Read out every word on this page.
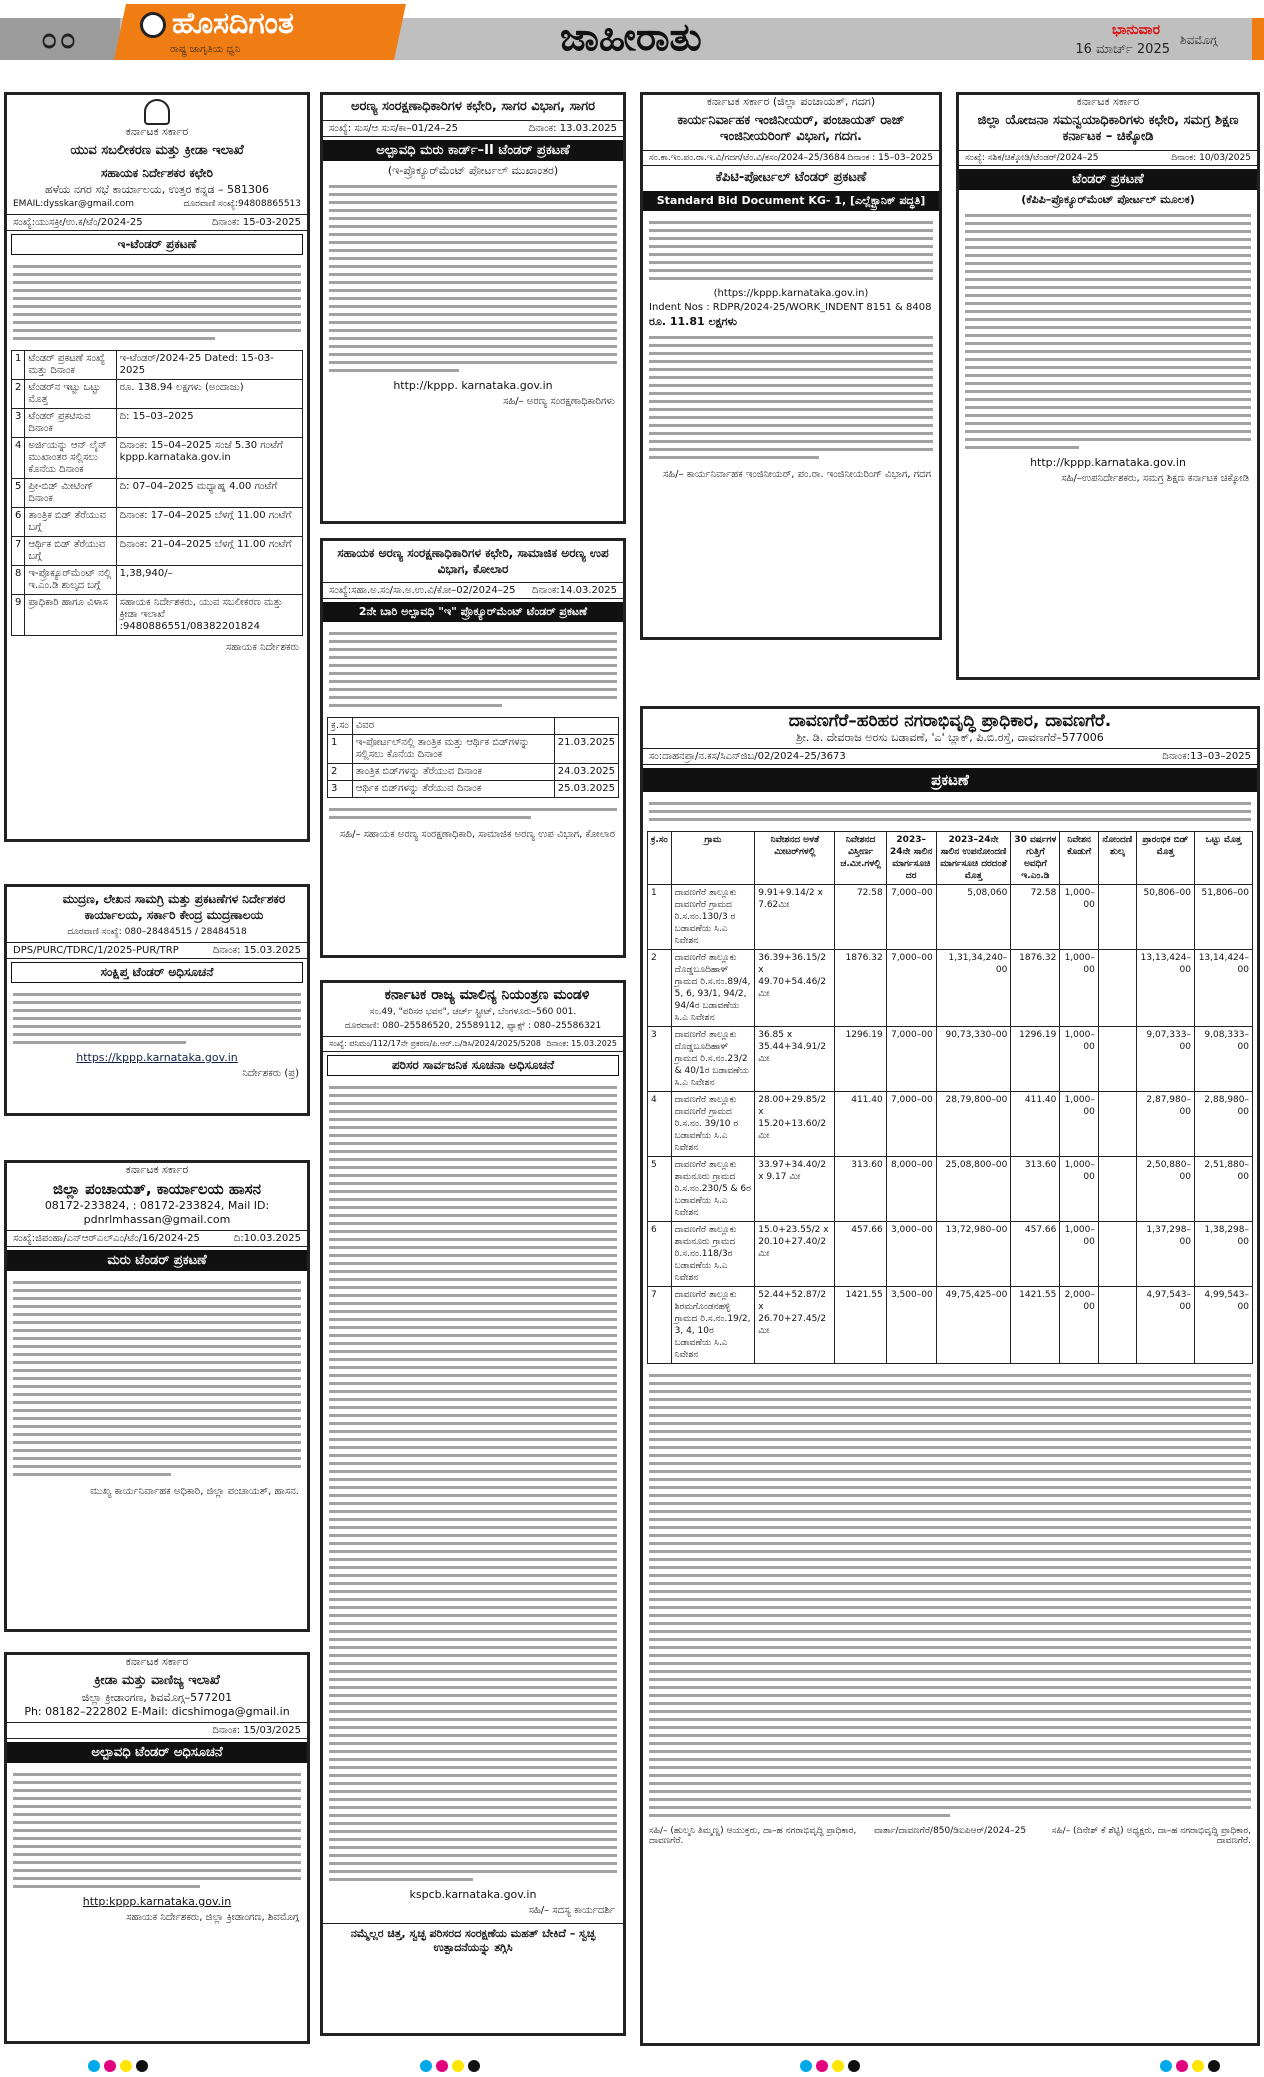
೦೦	ಹೊಸದಿಗಂತ
ರಾಷ್ಟ್ರ ಜಾಗೃತಿಯ ಧ್ವನಿ	ಜಾಹೀರಾತು	ಭಾನುವಾರ
16 ಮಾರ್ಚ್ 2025
ಶಿವಮೊಗ್ಗ
ಕರ್ನಾಟಕ ಸರ್ಕಾರ
ಯುವ ಸಬಲೀಕರಣ ಮತ್ತು ಕ್ರೀಡಾ ಇಲಾಖೆ
ಸಹಾಯಕ ನಿರ್ದೇಶಕರ ಕಛೇರಿ
ಹಳೆಯ ನಗರ ಸಭೆ ಕಾರ್ಯಾಲಯ, ಉತ್ತರ ಕನ್ನಡ – 581306
EMAIL:dysskar@gmail.com	ದೂರವಾಣಿ ಸಂಖ್ಯೆ:94808865513
ಸಂಖ್ಯೆ:ಯುಸಕ್ರೀ/ಉ.ಕ/ಟೆಂ/2024-25	ದಿನಾಂಕ: 15-03-2025
ಇ-ಟೆಂಡರ್ ಪ್ರಕಟಣೆ
1	ಟೆಂಡರ್ ಪ್ರಕಟಣೆ ಸಂಖ್ಯೆ ಮತ್ತು ದಿನಾಂಕ	ಇ-ಟೆಂಡರ್/2024-25 Dated: 15-03-2025
2	ಟೆಂಡರ್‌ನ ಇಟ್ಟು ಒಟ್ಟು ಮೊತ್ತ	ರೂ. 138.94 ಲಕ್ಷಗಳು (ಅಂದಾಜು)
3	ಟೆಂಡರ್ ಪ್ರಕಟಿಸುವ ದಿನಾಂಕ	ದಿ: 15–03–2025
4	ಅರ್ಜಿಯನ್ನು ಆನ್ ಲೈನ್ ಮುಖಾಂತರ ಸಲ್ಲಿಸಲು ಕೊನೆಯ ದಿನಾಂಕ	ದಿನಾಂಕ: 15–04–2025 ಸಂಜೆ 5.30 ಗಂಟೆಗೆ kppp.karnataka.gov.in
5	ಪ್ರೀ-ಬಿಡ್ ಮೀಟಿಂಗ್ ದಿನಾಂಕ	ದಿ: 07–04–2025 ಮಧ್ಯಾಹ್ನ 4.00 ಗಂಟೆಗೆ
6	ತಾಂತ್ರಿಕ ಬಿಡ್ ತೆರೆಯುವ ಬಗ್ಗೆ	ದಿನಾಂಕ: 17–04–2025 ಬೆಳಗ್ಗೆ 11.00 ಗಂಟೆಗೆ
7	ಆರ್ಥಿಕ ಬಿಡ್ ತೆರೆಯುವ ಬಗ್ಗೆ	ದಿನಾಂಕ: 21–04–2025 ಬೆಳಗ್ಗೆ 11.00 ಗಂಟೆಗೆ
8	ಇ-ಪ್ರೊಕ್ಯೂರ್‌ಮೆಂಟ್ ನಲ್ಲಿ ಇ.ಎಂ.ಡಿ ಶುಲ್ಕದ ಬಗ್ಗೆ	1,38,940/–
9	ಪ್ರಾಧಿಕಾರಿ ಹಾಗೂ ವಿಳಾಸ	ಸಹಾಯಕ ನಿರ್ದೇಶಕರು, ಯುವ ಸಬಲೀಕರಣ ಮತ್ತು ಕ್ರೀಡಾ ಇಲಾಖೆ :9480886551/08382201824
ಸಹಾಯಕ ನಿರ್ದೇಶಕರು
ಮುದ್ರಣ, ಲೇಖನ ಸಾಮಗ್ರಿ ಮತ್ತು ಪ್ರಕಟಣೆಗಳ ನಿರ್ದೇಶಕರ ಕಾರ್ಯಾಲಯ, ಸರ್ಕಾರಿ ಕೇಂದ್ರ ಮುದ್ರಣಾಲಯ
ದೂರವಾಣಿ ಸಂಖ್ಯೆ: 080–28484515 / 28484518
DPS/PURC/TDRC/1/2025-PUR/TRP	ದಿನಾಂಕ: 15.03.2025
ಸಂಕ್ಷಿಪ್ತ ಟೆಂಡರ್ ಅಧಿಸೂಚನೆ
https://kppp.karnataka.gov.in
ನಿರ್ದೇಶಕರು (ಪ್ರ)
ಕರ್ನಾಟಕ ಸರ್ಕಾರ
ಜಿಲ್ಲಾ ಪಂಚಾಯತ್, ಕಾರ್ಯಾಲಯ ಹಾಸನ
08172-233824, : 08172-233824, Mail ID:
pdnrlmhassan@gmail.com
ಸಂಖ್ಯೆ:ಜಿಪಂಹಾ/ಎನ್‌ಆರ್‌ಎಲ್‌ಎಂ/ಟೆಂ/16/2024-25	ದಿ:10.03.2025
ಮರು ಟೆಂಡರ್ ಪ್ರಕಟಣೆ
ಮುಖ್ಯ ಕಾರ್ಯನಿರ್ವಾಹಕ ಅಧಿಕಾರಿ, ಜಿಲ್ಲಾ ಪಂಚಾಯತ್, ಹಾಸನ.
ಕರ್ನಾಟಕ ಸರ್ಕಾರ
ಕ್ರೀಡಾ ಮತ್ತು ವಾಣಿಜ್ಯ ಇಲಾಖೆ
ಜಿಲ್ಲಾ ಕ್ರೀಡಾಂಗಣ, ಶಿವಮೊಗ್ಗ–577201
Ph: 08182–222802 E-Mail: dicshimoga@gmail.in
ದಿನಾಂಕ: 15/03/2025
ಅಲ್ಪಾವಧಿ ಟೆಂಡರ್ ಅಧಿಸೂಚನೆ
http:kppp.karnataka.gov.in
ಸಹಾಯಕ ನಿರ್ದೇಶಕರು, ಜಿಲ್ಲಾ ಕ್ರೀಡಾಂಗಣ, ಶಿವಮೊಗ್ಗ
ಅರಣ್ಯ ಸಂರಕ್ಷಣಾಧಿಕಾರಿಗಳ ಕಛೇರಿ, ಸಾಗರ ವಿಭಾಗ, ಸಾಗರ
ಸಂಖ್ಯೆ: ಸುಸ/ಆ ಸುಸ/ಕಾ–01/24–25	ದಿನಾಂಕ: 13.03.2025
ಅಲ್ಪಾವಧಿ ಮರು ಕಾರ್ಡ್–II ಟೆಂಡರ್ ಪ್ರಕಟಣೆ
(ಇ-ಪ್ರೊಕ್ಯೂರ್‌ಮೆಂಟ್ ಪೋರ್ಟಲ್ ಮುಖಾಂತರ)
http://kppp. karnataka.gov.in
ಸಹಿ/– ಅರಣ್ಯ ಸಂರಕ್ಷಣಾಧಿಕಾರಿಗಳು
ಸಹಾಯಕ ಅರಣ್ಯ ಸಂರಕ್ಷಣಾಧಿಕಾರಿಗಳ ಕಛೇರಿ, ಸಾಮಾಜಿಕ ಅರಣ್ಯ ಉಪ ವಿಭಾಗ, ಕೋಲಾರ
ಸಂಖ್ಯೆ:ಸಹಾ.ಅ.ಸಂ/ಸಾ.ಅ.ಉ.ವಿ/ಕೋ–02/2024–25 ದಿನಾಂಕ:14.03.2025
2ನೇ ಬಾರಿ ಅಲ್ಪಾವಧಿ "ಇ" ಪ್ರೊಕ್ಯೂರ್‌ಮೆಂಟ್ ಟೆಂಡರ್ ಪ್ರಕಟಣೆ
ಕ್ರ.ಸಂ	ವಿವರ	
1	ಇ-ಪೋರ್ಟಲ್‌ನಲ್ಲಿ ತಾಂತ್ರಿಕ ಮತ್ತು ಆರ್ಥಿಕ ಬಿಡ್‌ಗಳನ್ನು ಸಲ್ಲಿಸಲು ಕೊನೆಯ ದಿನಾಂಕ	21.03.2025
2	ತಾಂತ್ರಿಕ ಬಿಡ್‌ಗಳನ್ನು ತೆರೆಯುವ ದಿನಾಂಕ	24.03.2025
3	ಆರ್ಥಿಕ ಬಿಡ್‌ಗಳನ್ನು ತೆರೆಯುವ ದಿನಾಂಕ	25.03.2025
ಸಹಿ/– ಸಹಾಯಕ ಅರಣ್ಯ ಸಂರಕ್ಷಣಾಧಿಕಾರಿ, ಸಾಮಾಜಿಕ ಅರಣ್ಯ ಉಪ ವಿಭಾಗ, ಕೋಲಾರ
ಕರ್ನಾಟಕ ರಾಜ್ಯ ಮಾಲಿನ್ಯ ನಿಯಂತ್ರಣ ಮಂಡಳಿ
ಸಂ.49, "ಪರಿಸರ ಭವನ", ಚರ್ಚ್ ಸ್ಟ್ರೀಟ್, ಬೆಂಗಳೂರು–560 001.
ದೂರವಾಣಿ: 080–25586520, 25589112, ಫ್ಯಾಕ್ಸ್ : 080–25586321
ಸಂಖ್ಯೆ: ಪನಿಮಂ/112/17ನೇ ಪ್ರಕರಣ/ಪಿ.ಆರ್.ಒ/ಡಿಸಿ/2024/2025/5208 ದಿನಾಂಕ: 15.03.2025
ಪರಿಸರ ಸಾರ್ವಜನಿಕ ಸೂಚನಾ ಅಧಿಸೂಚನೆ
kspcb.karnataka.gov.in
ಸಹಿ/– ಸದಸ್ಯ ಕಾರ್ಯದರ್ಶಿ
ನಮ್ಮೆಲ್ಲರ ಚಿತ್ತ, ಸ್ವಚ್ಛ ಪರಿಸರದ ಸಂರಕ್ಷಣೆಯ ಮಹತ್ ಬೇಕಿದೆ – ಸ್ವಚ್ಛ ಉತ್ಪಾದನೆಯನ್ನು ತಗ್ಗಿಸಿ
ಕರ್ನಾಟಕ ಸರ್ಕಾರ (ಜಿಲ್ಲಾ ಪಂಚಾಯತ್, ಗದಗ)
ಕಾರ್ಯನಿರ್ವಾಹಕ ಇಂಜಿನೀಯರ್, ಪಂಚಾಯತ್ ರಾಜ್ ಇಂಜಿನೀಯರಿಂಗ್ ವಿಭಾಗ, ಗದಗ.
ಸಂ.ಕಾ.ಇಂ.ಪಂ.ರಾ.ಇ.ವಿ/ಗದಗ/ಟೆಂ.ವಿ/ಕಸಂ/2024–25/3684 ದಿನಾಂಕ : 15–03–2025
ಕೆಪಿಟಿ-ಪೋರ್ಟಲ್ ಟೆಂಡರ್ ಪ್ರಕಟಣೆ
Standard Bid Document KG- 1, [ಎಲ್ಲೆಕ್ಟ್ರಾನಿಕ್ ಪದ್ಧತಿ]
(https://kppp.karnataka.gov.in)
Indent Nos : RDPR/2024-25/WORK_INDENT 8151 & 8408
ರೂ. 11.81 ಲಕ್ಷಗಳು
ಸಹಿ/– ಕಾರ್ಯನಿರ್ವಾಹಕ ಇಂಜಿನೀಯರ್, ಪಂ.ರಾ. ಇಂಜಿನೀಯರಿಂಗ್ ವಿಭಾಗ, ಗದಗ
ಕರ್ನಾಟಕ ಸರ್ಕಾರ
ಜಿಲ್ಲಾ ಯೋಜನಾ ಸಮನ್ವಯಾಧಿಕಾರಿಗಳು ಕಛೇರಿ, ಸಮಗ್ರ ಶಿಕ್ಷಣ ಕರ್ನಾಟಕ – ಚಿಕ್ಕೋಡಿ
ಸಂಖ್ಯೆ: ಸಶಿಕ/ಚಿಕ್ಕೋಡಿ/ಟೆಂಡರ್/2024–25	ದಿನಾಂಕ: 10/03/2025
ಟೆಂಡರ್ ಪ್ರಕಟಣೆ
(ಕೆಪಿಪಿ–ಪ್ರೊಕ್ಯೂರ್‌ಮೆಂಟ್ ಪೋರ್ಟಲ್ ಮೂಲಕ)
http://kppp.karnataka.gov.in
ಸಹಿ/–ಉಪನಿರ್ದೇಶಕರು, ಸಮಗ್ರ ಶಿಕ್ಷಣ ಕರ್ನಾಟಕ ಚಿಕ್ಕೋಡಿ
ದಾವಣಗೆರೆ–ಹರಿಹರ ನಗರಾಭಿವೃದ್ಧಿ ಪ್ರಾಧಿಕಾರ, ದಾವಣಗೆರೆ.
ಶ್ರೀ. ಡಿ. ದೇವರಾಜ ಅರಸು ಬಡಾವಣೆ, 'ಎ' ಬ್ಲಾಕ್, ಪಿ.ಬಿ.ರಸ್ತೆ, ದಾವಣಗೆರೆ–577006
ಸಂ:ದಾಹನಪ್ರಾ/ನ.ಕಸ/ಸಿಎನ್‌ಜಿಬ/02/2024–25/3673	ದಿನಾಂಕ:13–03–2025
ಪ್ರಕಟಣೆ
ಕ್ರ.ಸಂ	ಗ್ರಾಮ	ನಿವೇಶನದ ಅಳತೆ ಮೀಟರ್‌ಗಳಲ್ಲಿ	ನಿವೇಶನದ ವಿಸ್ತೀರ್ಣ ಚ.ಮೀ.ಗಳಲ್ಲಿ	2023–24ನೇ ಸಾಲಿನ ಮಾರ್ಗಸೂಚಿ ದರ	2023–24ನೇ ಸಾಲಿನ ಉಪನೋಂದಣಿ ಮಾರ್ಗಸೂಚಿ ದರದಂತೆ ಮೊತ್ತ	30 ವರ್ಷಗಳ ಗುತ್ತಿಗೆ ಅವಧಿಗೆ ಇ.ಎಂ.ಡಿ	ನಿವೇಶನ ಕೊಡುಗೆ	ನೋಂದಣಿ ಶುಲ್ಕ	ಪ್ರಾರಂಭಿಕ ಬಿಡ್ ಮೊತ್ತ	ಒಟ್ಟು ಮೊತ್ತ
1	ದಾವಣಗೆರೆ ತಾಲ್ಲೂಕು ದಾವಣಗೆರೆ ಗ್ರಾಮದ ರಿ.ಸ.ನಂ.130/3 ರ ಬಡಾವಣೆಯ ಸಿ.ಎ ನಿವೇಶನ	9.91+9.14/2 x 7.62ಮೀ	72.58	7,000–00	5,08,060	72.58	1,000–00		50,806–00	51,806–00
2	ದಾವಣಗೆರೆ ತಾಲ್ಲೂಕು ದೊಡ್ಡಬೂದಿಹಾಳ್ ಗ್ರಾಮದ ರಿ.ಸ.ನಂ.89/4, 5, 6, 93/1, 94/2, 94/4ರ ಬಡಾವಣೆಯ ಸಿ.ಎ ನಿವೇಶನ	36.39+36.15/2 x 49.70+54.46/2 ಮೀ	1876.32	7,000–00	1,31,34,240–00	1876.32	1,000–00		13,13,424–00	13,14,424–00
3	ದಾವಣಗೆರೆ ತಾಲ್ಲೂಕು ದೊಡ್ಡಬೂದಿಹಾಳ್ ಗ್ರಾಮದ ರಿ.ಸ.ನಂ.23/2 & 40/1ರ ಬಡಾವಣೆಯ ಸಿ.ಎ ನಿವೇಶನ	36.85 x 35.44+34.91/2 ಮೀ	1296.19	7,000–00	90,73,330–00	1296.19	1,000–00		9,07,333–00	9,08,333–00
4	ದಾವಣಗೆರೆ ತಾಲ್ಲೂಕು ದಾವಣಗೆರೆ ಗ್ರಾಮದ ರಿ.ಸ.ನಂ. 39/10 ರ ಬಡಾವಣೆಯ ಸಿ.ಎ ನಿವೇಶನ	28.00+29.85/2 x 15.20+13.60/2 ಮೀ	411.40	7,000–00	28,79,800–00	411.40	1,000–00		2,87,980–00	2,88,980–00
5	ದಾವಣಗೆರೆ ತಾಲ್ಲೂಕು ಶಾಮನೂರು ಗ್ರಾಮದ ರಿ.ಸ.ನಂ.230/5 & 6ರ ಬಡಾವಣೆಯ ಸಿ.ಎ ನಿವೇಶನ	33.97+34.40/2 x 9.17 ಮೀ	313.60	8,000–00	25,08,800–00	313.60	1,000–00		2,50,880–00	2,51,880–00
6	ದಾವಣಗೆರೆ ತಾಲ್ಲೂಕು ಶಾಮನೂರು ಗ್ರಾಮದ ರಿ.ಸ.ನಂ.118/3ರ ಬಡಾವಣೆಯ ಸಿ.ಎ ನಿವೇಶನ	15.0+23.55/2 x 20.10+27.40/2 ಮೀ	457.66	3,000–00	13,72,980–00	457.66	1,000–00		1,37,298–00	1,38,298–00
7	ದಾವಣಗೆರೆ ತಾಲ್ಲೂಕು ಶಿರಮಗೊಂಡನಹಳ್ಳಿ ಗ್ರಾಮದ ರಿ.ಸ.ನಂ.19/2, 3, 4, 10ರ ಬಡಾವಣೆಯ ಸಿ.ಎ ನಿವೇಶನ	52.44+52.87/2 x 26.70+27.45/2 ಮೀ	1421.55	3,500–00	49,75,425–00	1421.55	2,000–00		4,97,543–00	4,99,543–00
ಸಹಿ/– (ಹುಲ್ಮನಿ ತಿಮ್ಮಣ್ಣ) ಆಯುಕ್ತರು, ದಾ–ಹ ನಗರಾಭಿವೃದ್ಧಿ ಪ್ರಾಧಿಕಾರ, ದಾವಣಗೆರೆ.
ವಾರ್ತಾ/ದಾವಣಗೆರೆ/850/ಡಿಐಪಿಆರ್/2024–25	ಸಹಿ/– (ದಿನೇಶ್ ಕೆ ಶೆಟ್ಟಿ) ಅಧ್ಯಕ್ಷರು, ದಾ–ಹ ನಗರಾಭಿವೃದ್ಧಿ ಪ್ರಾಧಿಕಾರ, ದಾವಣಗೆರೆ.
